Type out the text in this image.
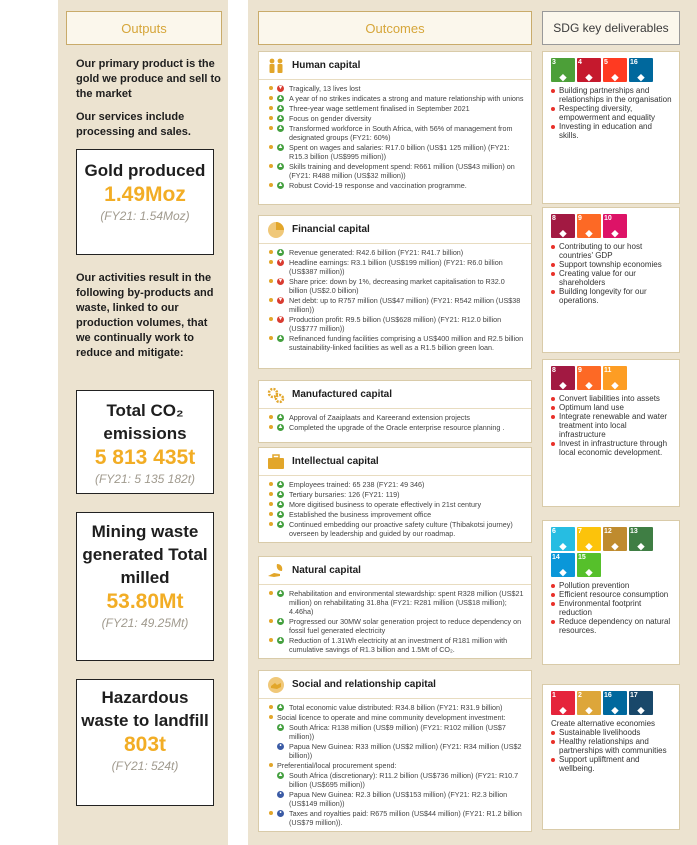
Outputs	Outcomes	SDG key deliverables
Our primary product is the gold we produce and sell to the market
Our services include processing and sales.
Gold produced
1.49Moz
(FY21: 1.54Moz)
Our activities result in the following by-products and waste, linked to our production volumes, that we continually work to reduce and mitigate:
Total CO₂ emissions
5 813 435t
(FY21: 5 135 182t)
Mining waste generated Total milled
53.80Mt
(FY21: 49.25Mt)
Hazardous waste to landfill
803t
(FY21: 524t)
Human capital
▼ Tragically, 13 lives lost
▲ A year of no strikes indicates a strong and mature relationship with unions
▲ Three-year wage settlement finalised in September 2021
▲ Focus on gender diversity
▲ Transformed workforce in South Africa, with 56% of management from designated groups (FY21: 60%)
▲ Spent on wages and salaries: R17.0 billion (US$1 125 million) (FY21: R15.3 billion (US$995 million))
▲ Skills training and development spend: R661 million (US$43 million) on (FY21: R488 million (US$32 million))
▲ Robust Covid-19 response and vaccination programme.
Financial capital
▲ Revenue generated: R42.6 billion (FY21: R41.7 billion)
▼ Headline earnings: R3.1 billion (US$199 million) (FY21: R6.0 billion (US$387 million))
▼ Share price: down by 1%, decreasing market capitalisation to R32.0 billion (US$2.0 billion)
▼ Net debt: up to R757 million (US$47 million) (FY21: R542 million (US$38 million))
▼ Production profit: R9.5 billion (US$628 million) (FY21: R12.0 billion (US$777 million))
▲ Refinanced funding facilities comprising a US$400 million and R2.5 billion sustainability-linked facilities as well as a R1.5 billion green loan.
Manufactured capital
▲ Approval of Zaaiplaats and Kareerand extension projects
▲ Completed the upgrade of the Oracle enterprise resource planning .
Intellectual capital
▲ Employees trained: 65 238 (FY21: 49 346)
▲ Tertiary bursaries: 126 (FY21: 119)
▲ More digitised business to operate effectively in 21st century
▲ Established the business improvement office
▲ Continued embedding our proactive safety culture (Thibakotsi journey) overseen by leadership and guided by our roadmap.
Natural capital
▲ Rehabilitation and environmental stewardship: spent R328 million (US$21 million) on rehabilitating 31.8ha (FY21: R281 million (US$18 million); 4.46ha)
▲ Progressed our 30MW solar generation project to reduce dependency on fossil fuel generated electricity
▲ Reduction of 1.31Wh electricity at an investment of R181 million with cumulative savings of R1.3 billion and 1.5Mt of CO₂.
Social and relationship capital
▲ Total economic value distributed: R34.8 billion (FY21: R31.9 billion)
Social licence to operate and mine community development investment:
▲ South Africa: R138 million (US$9 million) (FY21: R102 million (US$7 million))
•	Papua New Guinea: R33 million (US$2 million) (FY21: R34 million (US$2 billion))
Preferential/local procurement spend:
▲ South Africa (discretionary): R11.2 billion (US$736 million) (FY21: R10.7 billion (US$695 million))
•	Papua New Guinea: R2.3 billion (US$153 million) (FY21: R2.3 billion (US$149 million))
•	Taxes and royalties paid: R675 million (US$44 million) (FY21: R1.2 billion (US$79 million)).
3
◆
4
◆
5
◆
16
◆
Building partnerships and relationships in the organisation
Respecting diversity, empowerment and equality
Investing in education and skills.
8
◆
9
◆
10
◆
Contributing to our host countries' GDP
Support township economies
Creating value for our shareholders
Building longevity for our operations.
8
◆
9
◆
11
◆
Convert liabilities into assets
Optimum land use
Integrate renewable and water treatment into local infrastructure
Invest in infrastructure through local economic development.
6
◆
7
◆
12
◆
13
◆
14
◆
15
◆
Pollution prevention
Efficient resource consumption
Environmental footprint reduction
Reduce dependency on natural resources.
1
◆
2
◆
16
◆
17
◆
Create alternative economies
Sustainable livelihoods
Healthy relationships and partnerships with communities
Support upliftment and wellbeing.
